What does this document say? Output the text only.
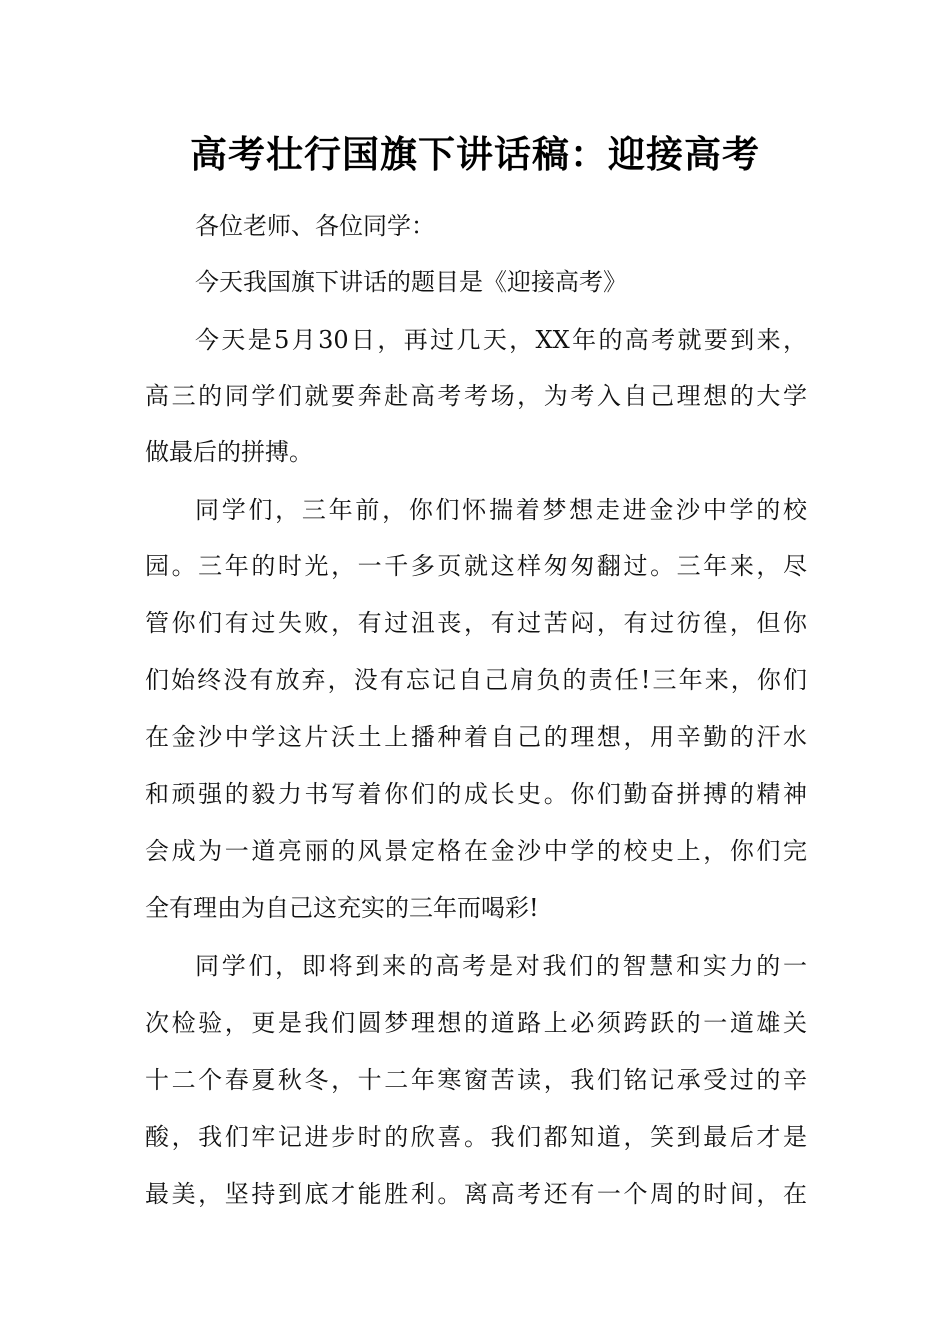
高考壮行国旗下讲话稿：迎接高考
各位老师、各位同学：
今天我国旗下讲话的题目是《迎接高考》
今天是5月30日，再过几天，XX年的高考就要到来，
高三的同学们就要奔赴高考考场，为考入自己理想的大学
做最后的拼搏。
同学们，三年前，你们怀揣着梦想走进金沙中学的校
园。三年的时光，一千多页就这样匆匆翻过。三年来，尽
管你们有过失败，有过沮丧，有过苦闷，有过彷徨，但你
们始终没有放弃，没有忘记自己肩负的责任!三年来，你们
在金沙中学这片沃土上播种着自己的理想，用辛勤的汗水
和顽强的毅力书写着你们的成长史。你们勤奋拼搏的精神
会成为一道亮丽的风景定格在金沙中学的校史上，你们完
全有理由为自己这充实的三年而喝彩!
同学们，即将到来的高考是对我们的智慧和实力的一
次检验，更是我们圆梦理想的道路上必须跨跃的一道雄关
十二个春夏秋冬，十二年寒窗苦读，我们铭记承受过的辛
酸，我们牢记进步时的欣喜。我们都知道，笑到最后才是
最美，坚持到底才能胜利。离高考还有一个周的时间，在
